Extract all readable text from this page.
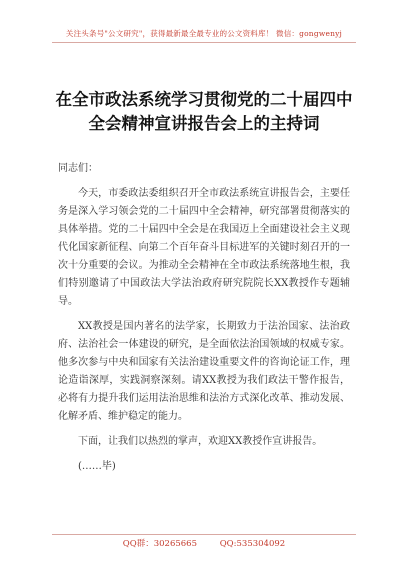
关注头条号"公文研究"，获得最新最全最专业的公文资料库！ 微信：gongwenyj
在全市政法系统学习贯彻党的二十届四中
全会精神宣讲报告会上的主持词

同志们：

今天，市委政法委组织召开全市政法系统宣讲报告会，主要任务是深入学习领会党的二十届四中全会精神，研究部署贯彻落实的具体举措。党的二十届四中全会是在我国迈上全面建设社会主义现代化国家新征程、向第二个百年奋斗目标进军的关键时刻召开的一次十分重要的会议。为推动全会精神在全市政法系统落地生根，我们特别邀请了中国政法大学法治政府研究院院长XX教授作专题辅导。

XX教授是国内著名的法学家，长期致力于法治国家、法治政府、法治社会一体建设的研究，是全面依法治国领域的权威专家。他多次参与中央和国家有关法治建设重要文件的咨询论证工作，理论造诣深厚，实践洞察深刻。请XX教授为我们政法干警作报告，必将有力提升我们运用法治思维和法治方式深化改革、推动发展、化解矛盾、维护稳定的能力。

下面，让我们以热烈的掌声，欢迎XX教授作宣讲报告。

(……毕)

QQ群：30265665	QQ:535304092
